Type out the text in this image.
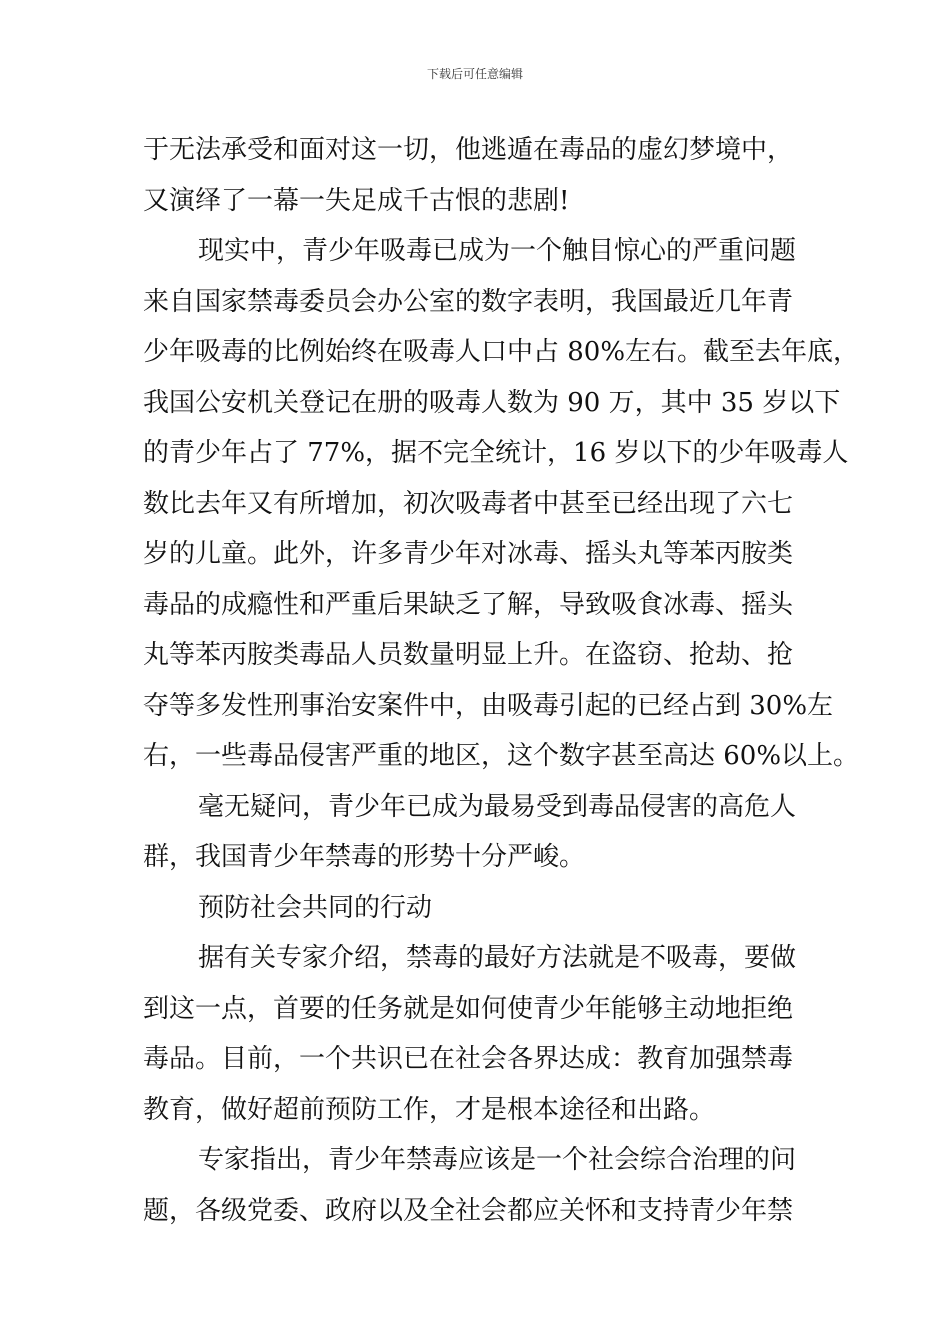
下载后可任意编辑
于无法承受和面对这一切，他逃遁在毒品的虚幻梦境中，
又演绎了一幕一失足成千古恨的悲剧!
现实中，青少年吸毒已成为一个触目惊心的严重问题
来自国家禁毒委员会办公室的数字表明，我国最近几年青
少年吸毒的比例始终在吸毒人口中占 80%左右。截至去年底，
我国公安机关登记在册的吸毒人数为 90 万，其中 35 岁以下
的青少年占了 77%，据不完全统计，16 岁以下的少年吸毒人
数比去年又有所增加，初次吸毒者中甚至已经出现了六七
岁的儿童。此外，许多青少年对冰毒、摇头丸等苯丙胺类
毒品的成瘾性和严重后果缺乏了解，导致吸食冰毒、摇头
丸等苯丙胺类毒品人员数量明显上升。在盗窃、抢劫、抢
夺等多发性刑事治安案件中，由吸毒引起的已经占到 30%左
右，一些毒品侵害严重的地区，这个数字甚至高达 60%以上。
毫无疑问，青少年已成为最易受到毒品侵害的高危人
群，我国青少年禁毒的形势十分严峻。
预防社会共同的行动
据有关专家介绍，禁毒的最好方法就是不吸毒，要做
到这一点，首要的任务就是如何使青少年能够主动地拒绝
毒品。目前，一个共识已在社会各界达成：教育加强禁毒
教育，做好超前预防工作，才是根本途径和出路。
专家指出，青少年禁毒应该是一个社会综合治理的问
题，各级党委、政府以及全社会都应关怀和支持青少年禁
